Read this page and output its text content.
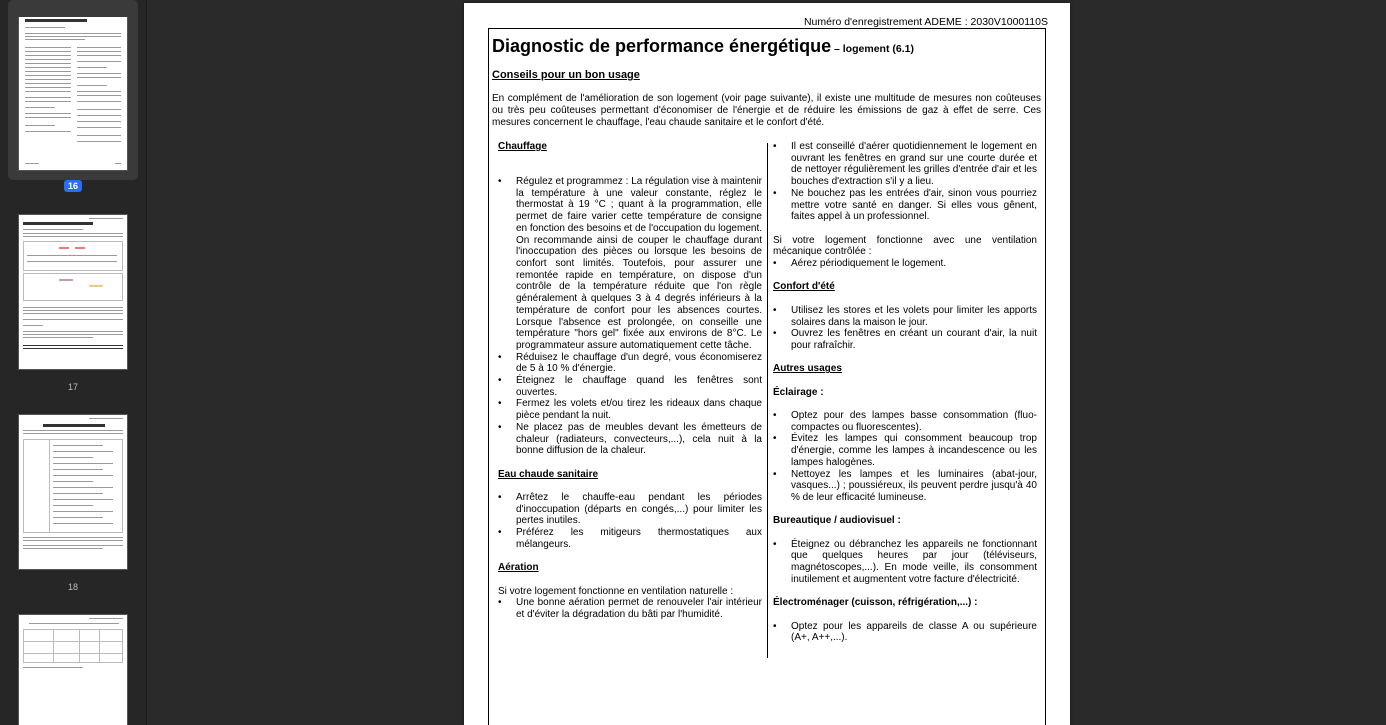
16
17
18
Numéro d'enregistrement ADEME : 2030V1000110S
Diagnostic de performance énergétique – logement (6.1)
Conseils pour un bon usage
En complément de l'amélioration de son logement (voir page suivante), il existe une multitude de mesures non coûteuses ou très peu coûteuses permettant d'économiser de l'énergie et de réduire les émissions de gaz à effet de serre. Ces mesures concernent le chauffage, l'eau chaude sanitaire et le confort d'été.
Chauffage
• Régulez et programmez : La régulation vise à maintenir la température à une valeur constante, réglez le thermostat à 19 °C ; quant à la programmation, elle permet de faire varier cette température de consigne en fonction des besoins et de l'occupation du logement. On recommande ainsi de couper le chauffage durant l'inoccupation des pièces ou lorsque les besoins de confort sont limités. Toutefois, pour assurer une remontée rapide en température, on dispose d'un contrôle de la température réduite que l'on règle généralement à quelques 3 à 4 degrés inférieurs à la température de confort pour les absences courtes. Lorsque l'absence est prolongée, on conseille une température "hors gel" fixée aux environs de 8°C. Le programmateur assure automatiquement cette tâche.
• Réduisez le chauffage d'un degré, vous économiserez de 5 à 10 % d'énergie.
• Éteignez le chauffage quand les fenêtres sont ouvertes.
• Fermez les volets et/ou tirez les rideaux dans chaque pièce pendant la nuit.
• Ne placez pas de meubles devant les émetteurs de chaleur (radiateurs, convecteurs,...), cela nuit à la bonne diffusion de la chaleur.
Eau chaude sanitaire
• Arrêtez le chauffe-eau pendant les périodes d'inoccupation (départs en congés,...) pour limiter les pertes inutiles.
• Préférez les mitigeurs thermostatiques aux mélangeurs.
Aération

Si votre logement fonctionne en ventilation naturelle :

• Une bonne aération permet de renouveler l'air intérieur et d'éviter la dégradation du bâti par l'humidité.
• Il est conseillé d'aérer quotidiennement le logement en ouvrant les fenêtres en grand sur une courte durée et de nettoyer régulièrement les grilles d'entrée d'air et les bouches d'extraction s'il y a lieu.
• Ne bouchez pas les entrées d'air, sinon vous pourriez mettre votre santé en danger. Si elles vous gênent, faites appel à un professionnel.

Si votre logement fonctionne avec une ventilation mécanique contrôlée :

• Aérez périodiquement le logement.
Confort d'été
• Utilisez les stores et les volets pour limiter les apports solaires dans la maison le jour.
• Ouvrez les fenêtres en créant un courant d'air, la nuit pour rafraîchir.
Autres usages
Éclairage :
• Optez pour des lampes basse consommation (fluo-compactes ou fluorescentes).
• Évitez les lampes qui consomment beaucoup trop d'énergie, comme les lampes à incandescence ou les lampes halogènes.
• Nettoyez les lampes et les luminaires (abat-jour, vasques...) ; poussiéreux, ils peuvent perdre jusqu'à 40 % de leur efficacité lumineuse.
Bureautique / audiovisuel :
• Éteignez ou débranchez les appareils ne fonctionnant que quelques heures par jour (téléviseurs, magnétoscopes,...). En mode veille, ils consomment inutilement et augmentent votre facture d'électricité.
Électroménager (cuisson, réfrigération,...) :
• Optez pour les appareils de classe A ou supérieure (A+, A++,...).
